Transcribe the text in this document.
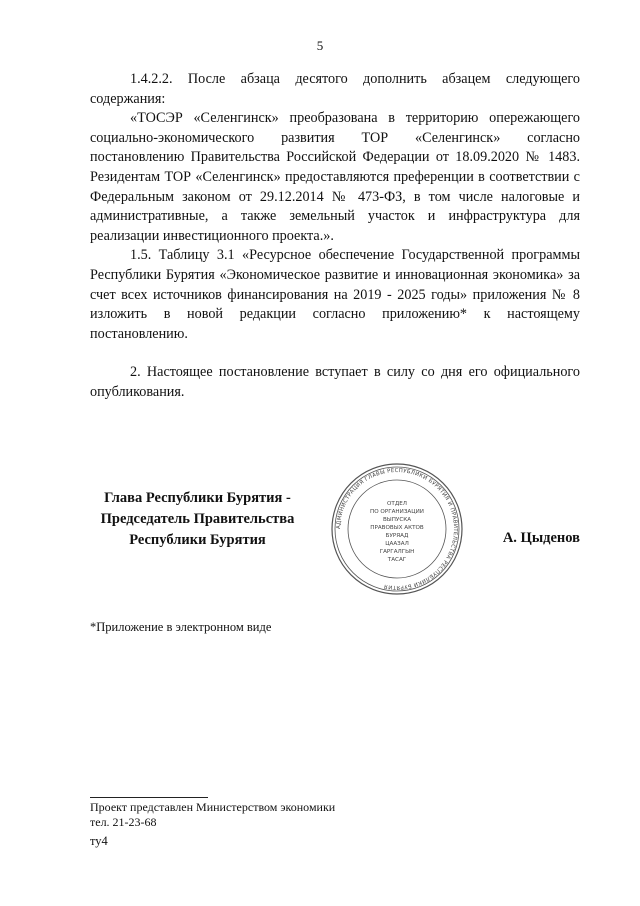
5

1.4.2.2. После абзаца десятого дополнить абзацем следующего содержания:

«ТОСЭР «Селенгинск» преобразована в территорию опережающего социально-экономического развития ТОР «Селенгинск» согласно постановлению Правительства Российской Федерации от 18.09.2020 № 1483. Резидентам ТОР «Селенгинск» предоставляются преференции в соответствии с Федеральным законом от 29.12.2014 № 473-ФЗ, в том числе налоговые и административные, а также земельный участок и инфраструктура для реализации инвестиционного проекта.».

1.5. Таблицу 3.1 «Ресурсное обеспечение Государственной программы Республики Бурятия «Экономическое развитие и инновационная экономика» за счет всех источников финансирования на 2019 - 2025 годы» приложения № 8 изложить в новой редакции согласно приложению* к настоящему постановлению.

2. Настоящее постановление вступает в силу со дня его официального опубликования.

Глава Республики Бурятия -
Председатель Правительства
Республики Бурятия
АДМИНИСТРАЦИЯ ГЛАВЫ РЕСПУБЛИКИ БУРЯТИЯ И ПРАВИТЕЛЬСТВА РЕСПУБЛИКИ БУРЯТИЯ
ОТДЕЛ
ПО ОРГАНИЗАЦИИ
ВЫПУСКА
ПРАВОВЫХ АКТОВ
БУРЯАД
ЦААЗАЛ
ГАРГАЛГЫН
ТАСАГ
А. Цыденов
*Приложение в электронном виде
Проект представлен Министерством экономики
тел. 21-23-68
ту4
